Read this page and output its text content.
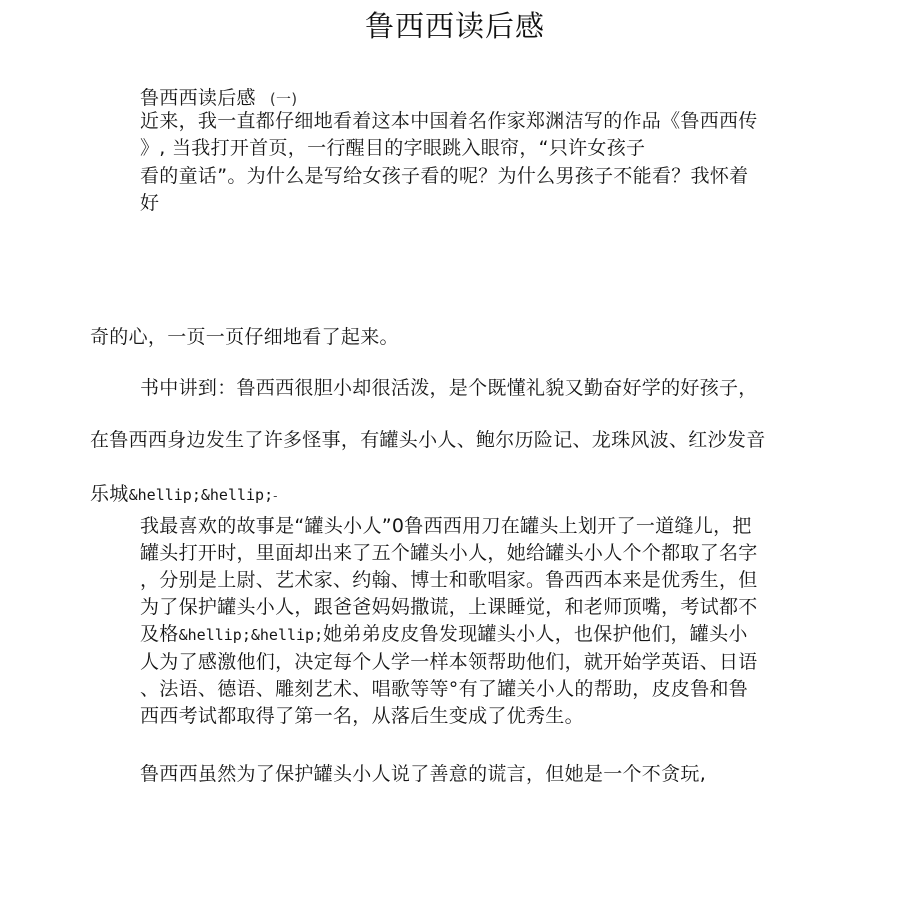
鲁西西读后感
鲁西西读后感 (一)
近来，我一直都仔细地看着这本中国着名作家郑渊洁写的作品《鲁西西传
》, 当我打开首页，一行醒目的字眼跳入眼帘，“只许女孩子
看的童话”。为什么是写给女孩子看的呢？为什么男孩子不能看？我怀着
好
奇的心，一页一页仔细地看了起来。
书中讲到：鲁西西很胆小却很活泼，是个既懂礼貌又勤奋好学的好孩子，
在鲁西西身边发生了许多怪事，有罐头小人、鲍尔历险记、龙珠风波、红沙发音
乐城&hellip;&hellip;-
我最喜欢的故事是“罐头小人”0鲁西西用刀在罐头上划开了一道缝儿，把
罐头打开时，里面却出来了五个罐头小人，她给罐头小人个个都取了名字
，分别是上尉、艺术家、约翰、博士和歌唱家。鲁西西本来是优秀生，但
为了保护罐头小人，跟爸爸妈妈撒谎，上课睡觉，和老师顶嘴，考试都不
及格&hellip;&hellip;她弟弟皮皮鲁发现罐头小人，也保护他们，罐头小
人为了感激他们，决定每个人学一样本领帮助他们，就开始学英语、日语
、法语、德语、雕刻艺术、唱歌等等°有了罐关小人的帮助，皮皮鲁和鲁
西西考试都取得了第一名，从落后生变成了优秀生。
鲁西西虽然为了保护罐头小人说了善意的谎言，但她是一个不贪玩,
